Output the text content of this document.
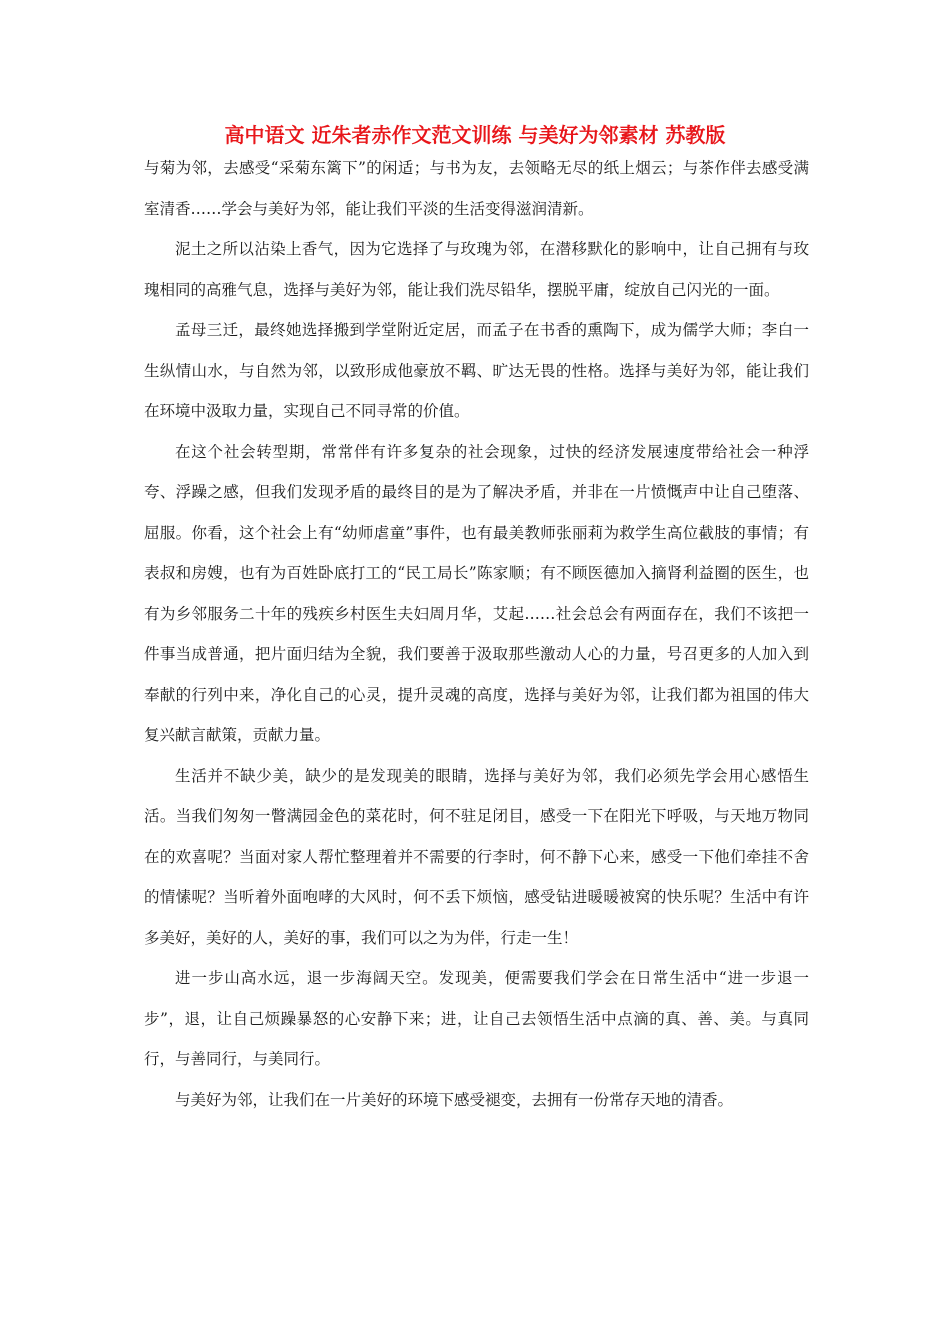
高中语文 近朱者赤作文范文训练 与美好为邻素材 苏教版

与菊为邻，去感受“采菊东篱下”的闲适；与书为友，去领略无尽的纸上烟云；与茶作伴去感受满室清香……学会与美好为邻，能让我们平淡的生活变得滋润清新。

泥土之所以沾染上香气，因为它选择了与玫瑰为邻，在潜移默化的影响中，让自己拥有与玫瑰相同的高雅气息，选择与美好为邻，能让我们洗尽铅华，摆脱平庸，绽放自己闪光的一面。

孟母三迁，最终她选择搬到学堂附近定居，而孟子在书香的熏陶下，成为儒学大师；李白一生纵情山水，与自然为邻，以致形成他豪放不羁、旷达无畏的性格。选择与美好为邻，能让我们在环境中汲取力量，实现自己不同寻常的价值。

在这个社会转型期，常常伴有许多复杂的社会现象，过快的经济发展速度带给社会一种浮夸、浮躁之感，但我们发现矛盾的最终目的是为了解决矛盾，并非在一片愤慨声中让自己堕落、屈服。你看，这个社会上有“幼师虐童”事件，也有最美教师张丽莉为救学生高位截肢的事情；有表叔和房嫂，也有为百姓卧底打工的“民工局长”陈家顺；有不顾医德加入摘肾利益圈的医生，也有为乡邻服务二十年的残疾乡村医生夫妇周月华，艾起……社会总会有两面存在，我们不该把一件事当成普通，把片面归结为全貌，我们要善于汲取那些激动人心的力量，号召更多的人加入到奉献的行列中来，净化自己的心灵，提升灵魂的高度，选择与美好为邻，让我们都为祖国的伟大复兴献言献策，贡献力量。

生活并不缺少美，缺少的是发现美的眼睛，选择与美好为邻，我们必须先学会用心感悟生活。当我们匆匆一瞥满园金色的菜花时，何不驻足闭目，感受一下在阳光下呼吸，与天地万物同在的欢喜呢？当面对家人帮忙整理着并不需要的行李时，何不静下心来，感受一下他们牵挂不舍的情愫呢？当听着外面咆哮的大风时，何不丢下烦恼，感受钻进暖暖被窝的快乐呢？生活中有许多美好，美好的人，美好的事，我们可以之为为伴，行走一生！

进一步山高水远，退一步海阔天空。发现美，便需要我们学会在日常生活中“进一步退一步”，退，让自己烦躁暴怒的心安静下来；进，让自己去领悟生活中点滴的真、善、美。与真同行，与善同行，与美同行。

与美好为邻，让我们在一片美好的环境下感受褪变，去拥有一份常存天地的清香。
